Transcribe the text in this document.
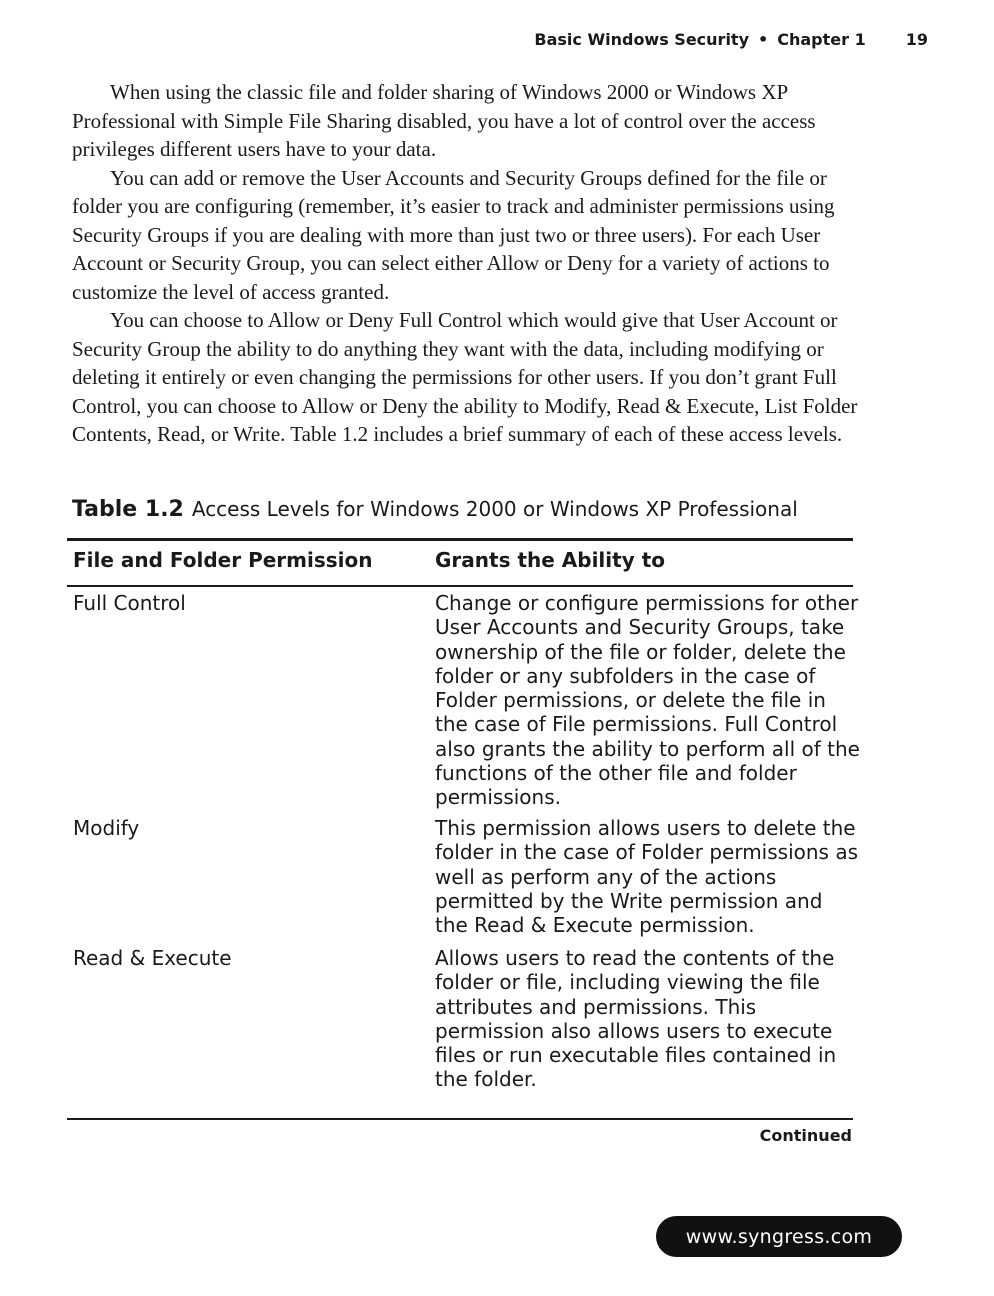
Basic Windows Security • Chapter 1	19

When using the classic file and folder sharing of Windows 2000 or Windows XP Professional with Simple File Sharing disabled, you have a lot of control over the access privileges different users have to your data.

You can add or remove the User Accounts and Security Groups defined for the file or folder you are configuring (remember, it’s easier to track and administer permissions using Security Groups if you are dealing with more than just two or three users). For each User Account or Security Group, you can select either Allow or Deny for a variety of actions to customize the level of access granted.

You can choose to Allow or Deny Full Control which would give that User Account or Security Group the ability to do anything they want with the data, including modifying or deleting it entirely or even changing the permissions for other users. If you don’t grant Full Control, you can choose to Allow or Deny the ability to Modify, Read & Execute, List Folder Contents, Read, or Write. Table 1.2 includes a brief summary of each of these access levels.

Table 1.2 Access Levels for Windows 2000 or Windows XP Professional
File and Folder Permission	Grants the Ability to
Full Control	Change or configure permissions for other User Accounts and Security Groups, take ownership of the file or folder, delete the folder or any subfolders in the case of Folder permissions, or delete the file in the case of File permissions. Full Control also grants the ability to perform all of the functions of the other file and folder permissions.
Modify	This permission allows users to delete the folder in the case of Folder permissions as well as perform any of the actions permitted by the Write permission and the Read & Execute permission.
Read & Execute	Allows users to read the contents of the folder or file, including viewing the file attributes and permissions. This permission also allows users to execute files or run executable files contained in the folder.
Continued
www.syngress.com
